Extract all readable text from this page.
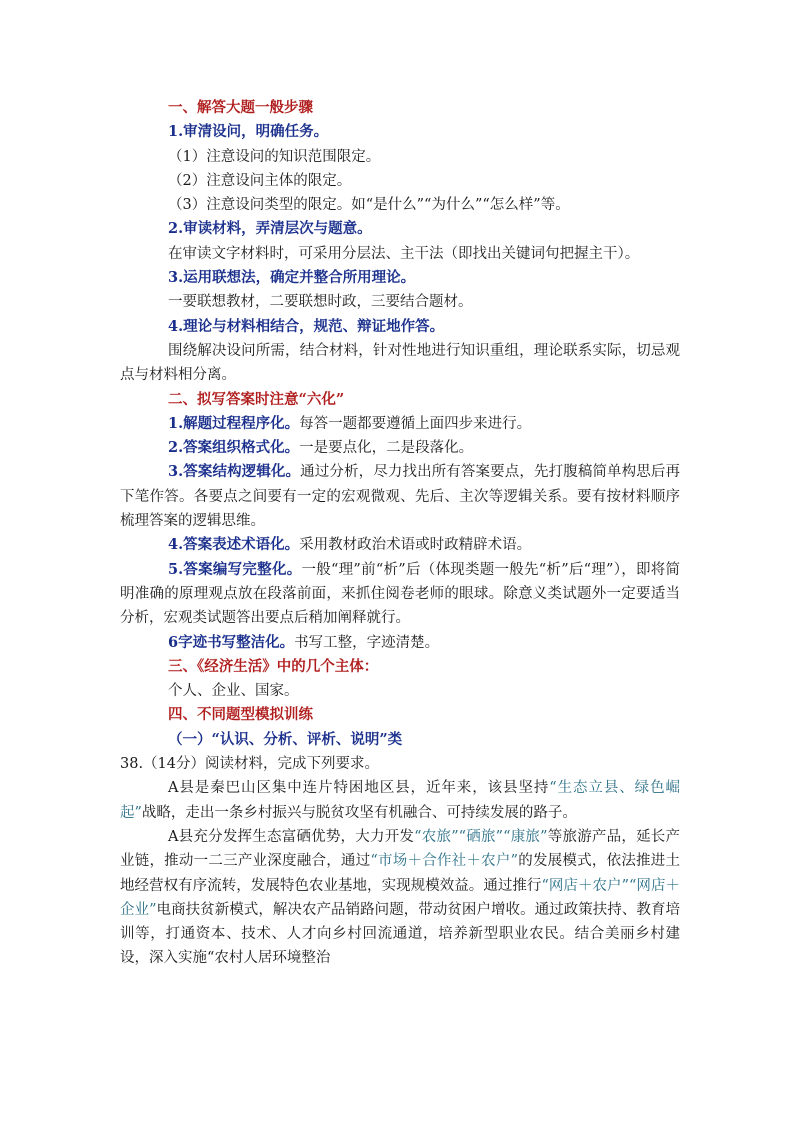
一、解答大题一般步骤
1.审清设问，明确任务。
（1）注意设问的知识范围限定。
（2）注意设问主体的限定。
（3）注意设问类型的限定。如“是什么”“为什么”“怎么样”等。
2.审读材料，弄清层次与题意。
在审读文字材料时，可采用分层法、主干法（即找出关键词句把握主干）。
3.运用联想法，确定并整合所用理论。
一要联想教材，二要联想时政，三要结合题材。
4.理论与材料相结合，规范、辩证地作答。
围绕解决设问所需，结合材料，针对性地进行知识重组，理论联系实际，切忌观点与材料相分离。
二、拟写答案时注意“六化”
1.解题过程程序化。每答一题都要遵循上面四步来进行。
2.答案组织格式化。一是要点化，二是段落化。
3.答案结构逻辑化。通过分析，尽力找出所有答案要点，先打腹稿简单构思后再下笔作答。各要点之间要有一定的宏观微观、先后、主次等逻辑关系。要有按材料顺序梳理答案的逻辑思维。
4.答案表述术语化。采用教材政治术语或时政精辟术语。
5.答案编写完整化。一般“理”前“析”后（体现类题一般先“析”后“理”），即将简明准确的原理观点放在段落前面，来抓住阅卷老师的眼球。除意义类试题外一定要适当分析，宏观类试题答出要点后稍加阐释就行。
6字迹书写整洁化。书写工整，字迹清楚。
三、《经济生活》中的几个主体：
个人、企业、国家。
四、不同题型模拟训练
（一）“认识、分析、评析、说明”类
38.（14分）阅读材料，完成下列要求。
A县是秦巴山区集中连片特困地区县，近年来，该县坚持“生态立县、绿色崛起”战略，走出一条乡村振兴与脱贫攻坚有机融合、可持续发展的路子。
A县充分发挥生态富硒优势，大力开发“农旅”“硒旅”“康旅”等旅游产品，延长产业链，推动一二三产业深度融合，通过“市场＋合作社＋农户”的发展模式，依法推进土地经营权有序流转，发展特色农业基地，实现规模效益。通过推行“网店＋农户”“网店＋企业”电商扶贫新模式，解决农产品销路问题，带动贫困户增收。通过政策扶持、教育培训等，打通资本、技术、人才向乡村回流通道，培养新型职业农民。结合美丽乡村建设，深入实施“农村人居环境整治
